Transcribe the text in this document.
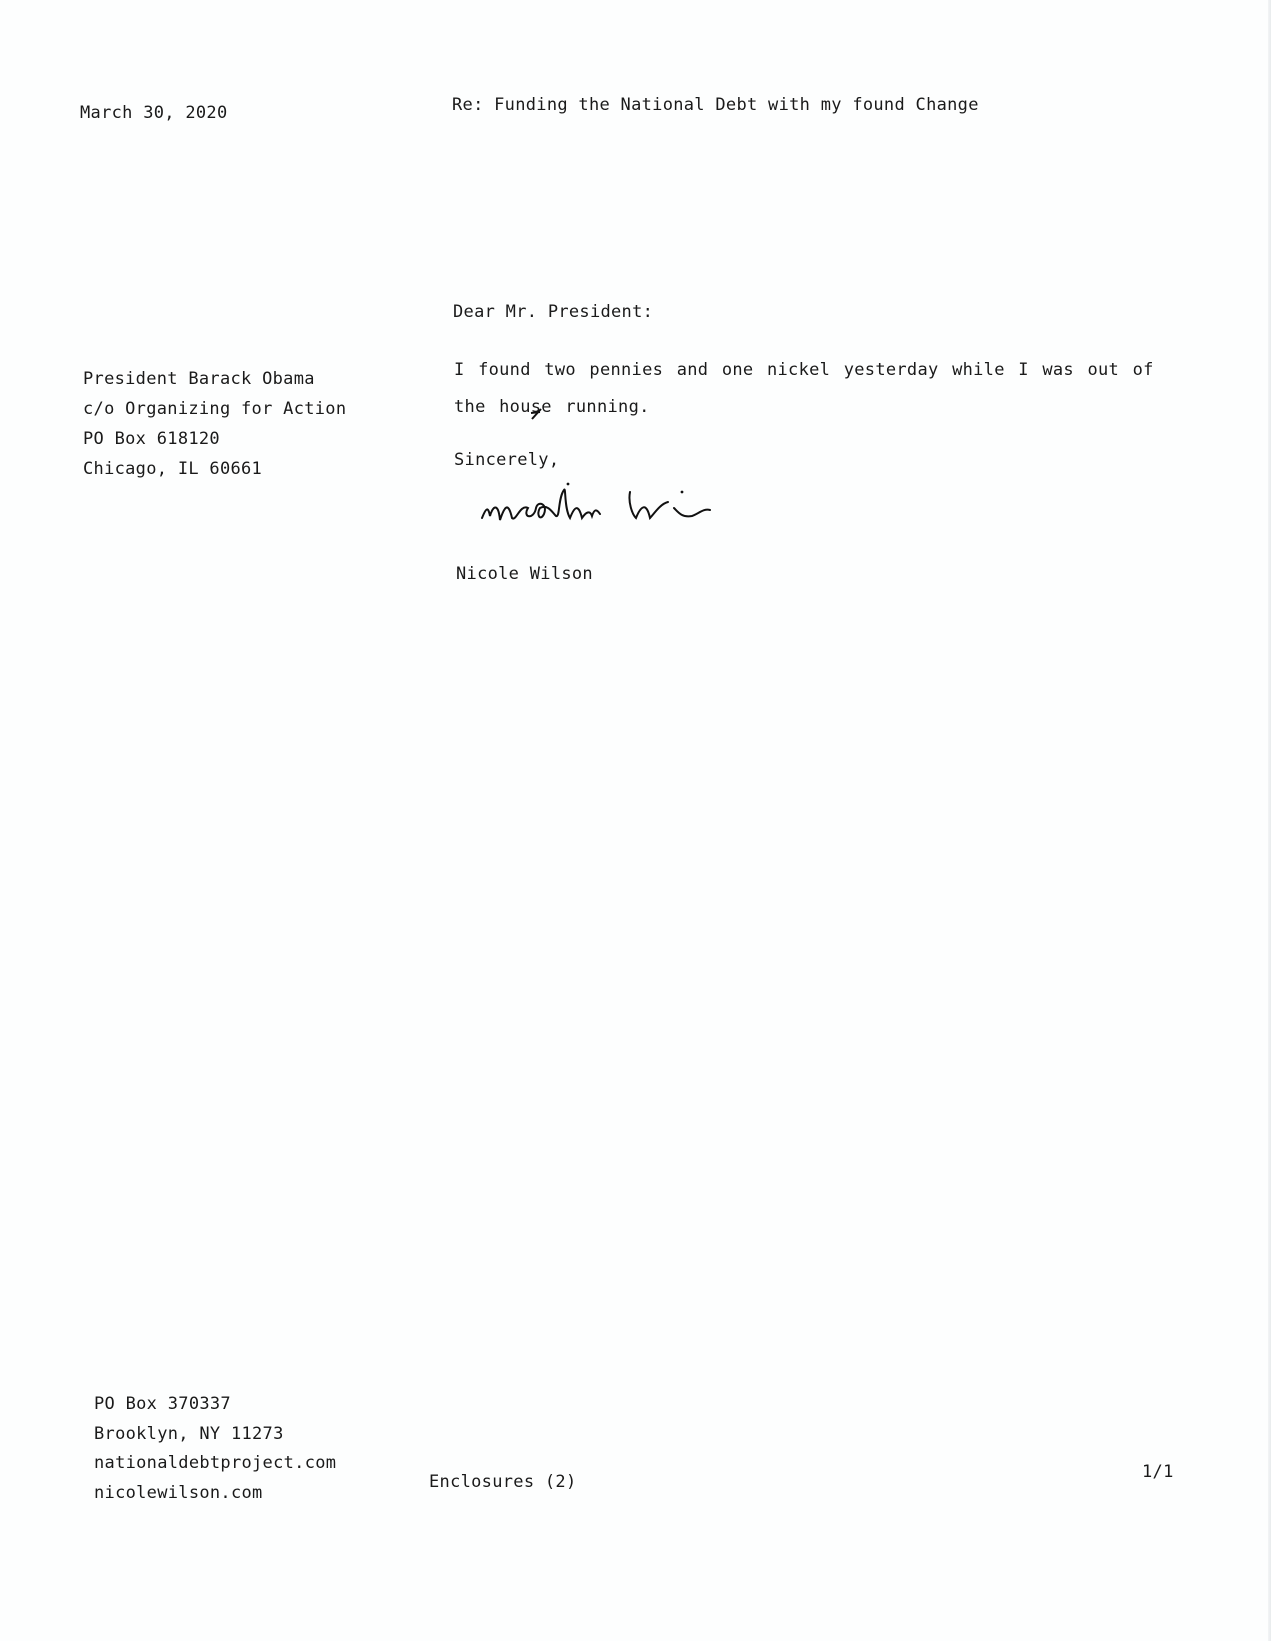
March 30, 2020	Re: Funding the National Debt with my found Change
President Barack Obama
c/o Organizing for Action
PO Box 618120
Chicago, IL 60661
Dear Mr. President:
I found two pennies and one nickel yesterday while I was out of the hous
e running.
Sincerely,
Nicole Wilson
PO Box 370337
Brooklyn, NY 11273
nationaldebtproject.com
nicolewilson.com
Enclosures (2)	1/1
